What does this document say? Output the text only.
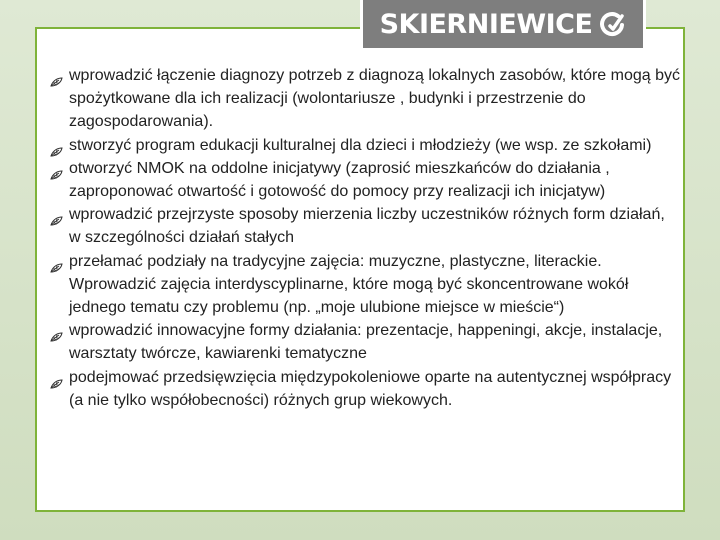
SKIERNIEWICE
wprowadzić łączenie diagnozy potrzeb z diagnozą lokalnych zasobów, które mogą być spożytkowane dla ich realizacji (wolontariusze , budynki i przestrzenie do zagospodarowania).
stworzyć program edukacji kulturalnej dla dzieci i młodzieży (we wsp. ze szkołami)
otworzyć NMOK na oddolne inicjatywy (zaprosić mieszkańców do działania , zaproponować otwartość i gotowość do pomocy przy realizacji ich inicjatyw)
wprowadzić przejrzyste sposoby mierzenia liczby uczestników różnych form działań, w szczególności działań stałych
przełamać podziały na tradycyjne zajęcia: muzyczne, plastyczne, literackie. Wprowadzić zajęcia interdyscyplinarne, które mogą być skoncentrowane wokół jednego tematu czy problemu (np. „moje ulubione miejsce w mieście“)
wprowadzić innowacyjne formy działania: prezentacje, happeningi, akcje, instalacje, warsztaty twórcze, kawiarenki tematyczne
podejmować przedsięwzięcia międzypokoleniowe oparte na autentycznej współpracy (a nie tylko współobecności) różnych grup wiekowych.
